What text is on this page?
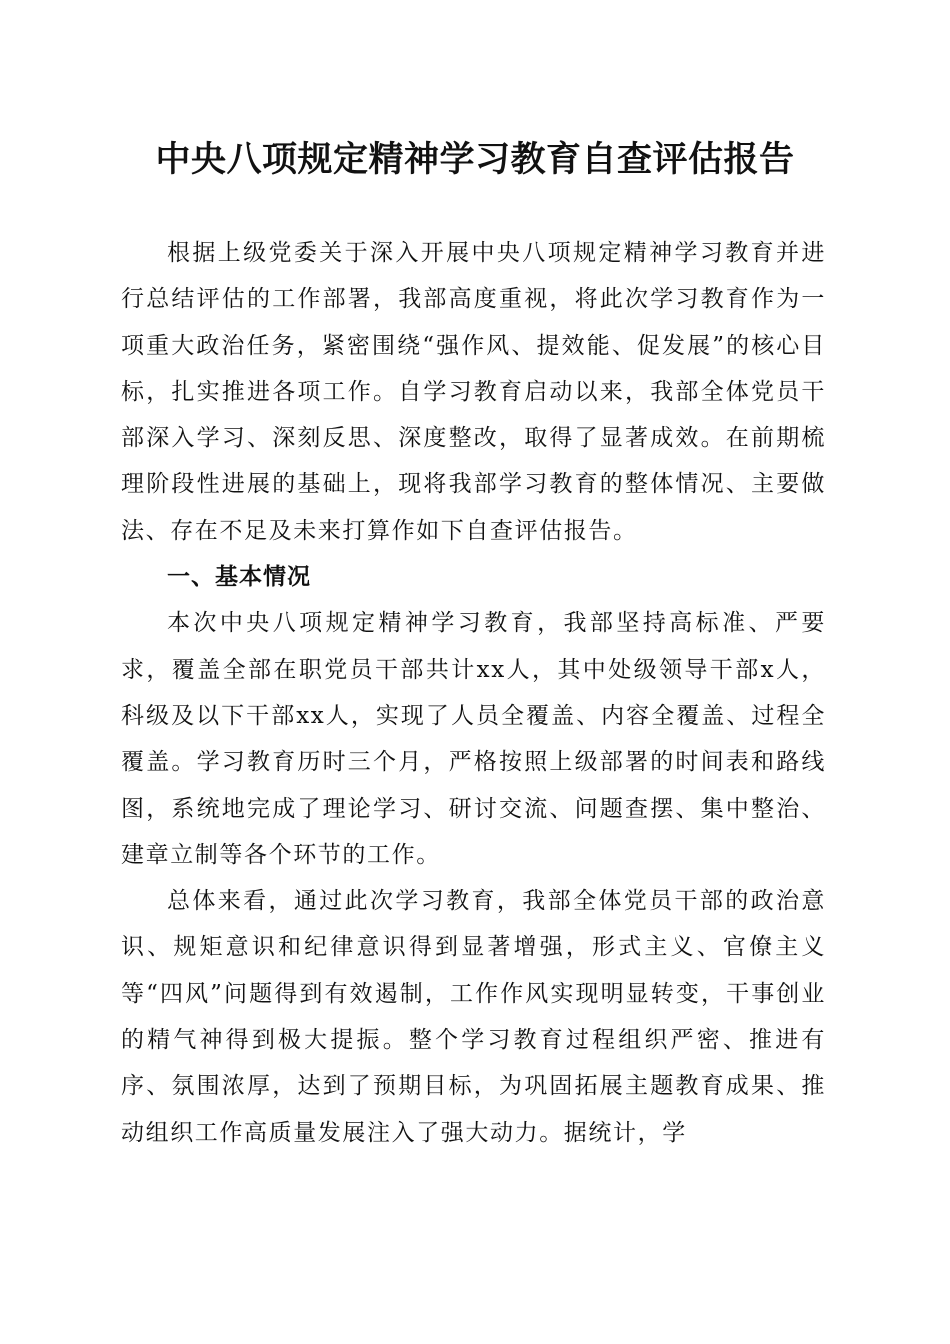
中央八项规定精神学习教育自查评估报告

根据上级党委关于深入开展中央八项规定精神学习教育并进行总结评估的工作部署，我部高度重视，将此次学习教育作为一项重大政治任务，紧密围绕“强作风、提效能、促发展”的核心目标，扎实推进各项工作。自学习教育启动以来，我部全体党员干部深入学习、深刻反思、深度整改，取得了显著成效。在前期梳理阶段性进展的基础上，现将我部学习教育的整体情况、主要做法、存在不足及未来打算作如下自查评估报告。

一、基本情况

本次中央八项规定精神学习教育，我部坚持高标准、严要求，覆盖全部在职党员干部共计xx人，其中处级领导干部x人，科级及以下干部xx人，实现了人员全覆盖、内容全覆盖、过程全覆盖。学习教育历时三个月，严格按照上级部署的时间表和路线图，系统地完成了理论学习、研讨交流、问题查摆、集中整治、建章立制等各个环节的工作。

总体来看，通过此次学习教育，我部全体党员干部的政治意识、规矩意识和纪律意识得到显著增强，形式主义、官僚主义等“四风”问题得到有效遏制，工作作风实现明显转变，干事创业的精气神得到极大提振。整个学习教育过程组织严密、推进有序、氛围浓厚，达到了预期目标，为巩固拓展主题教育成果、推动组织工作高质量发展注入了强大动力。据统计，学
